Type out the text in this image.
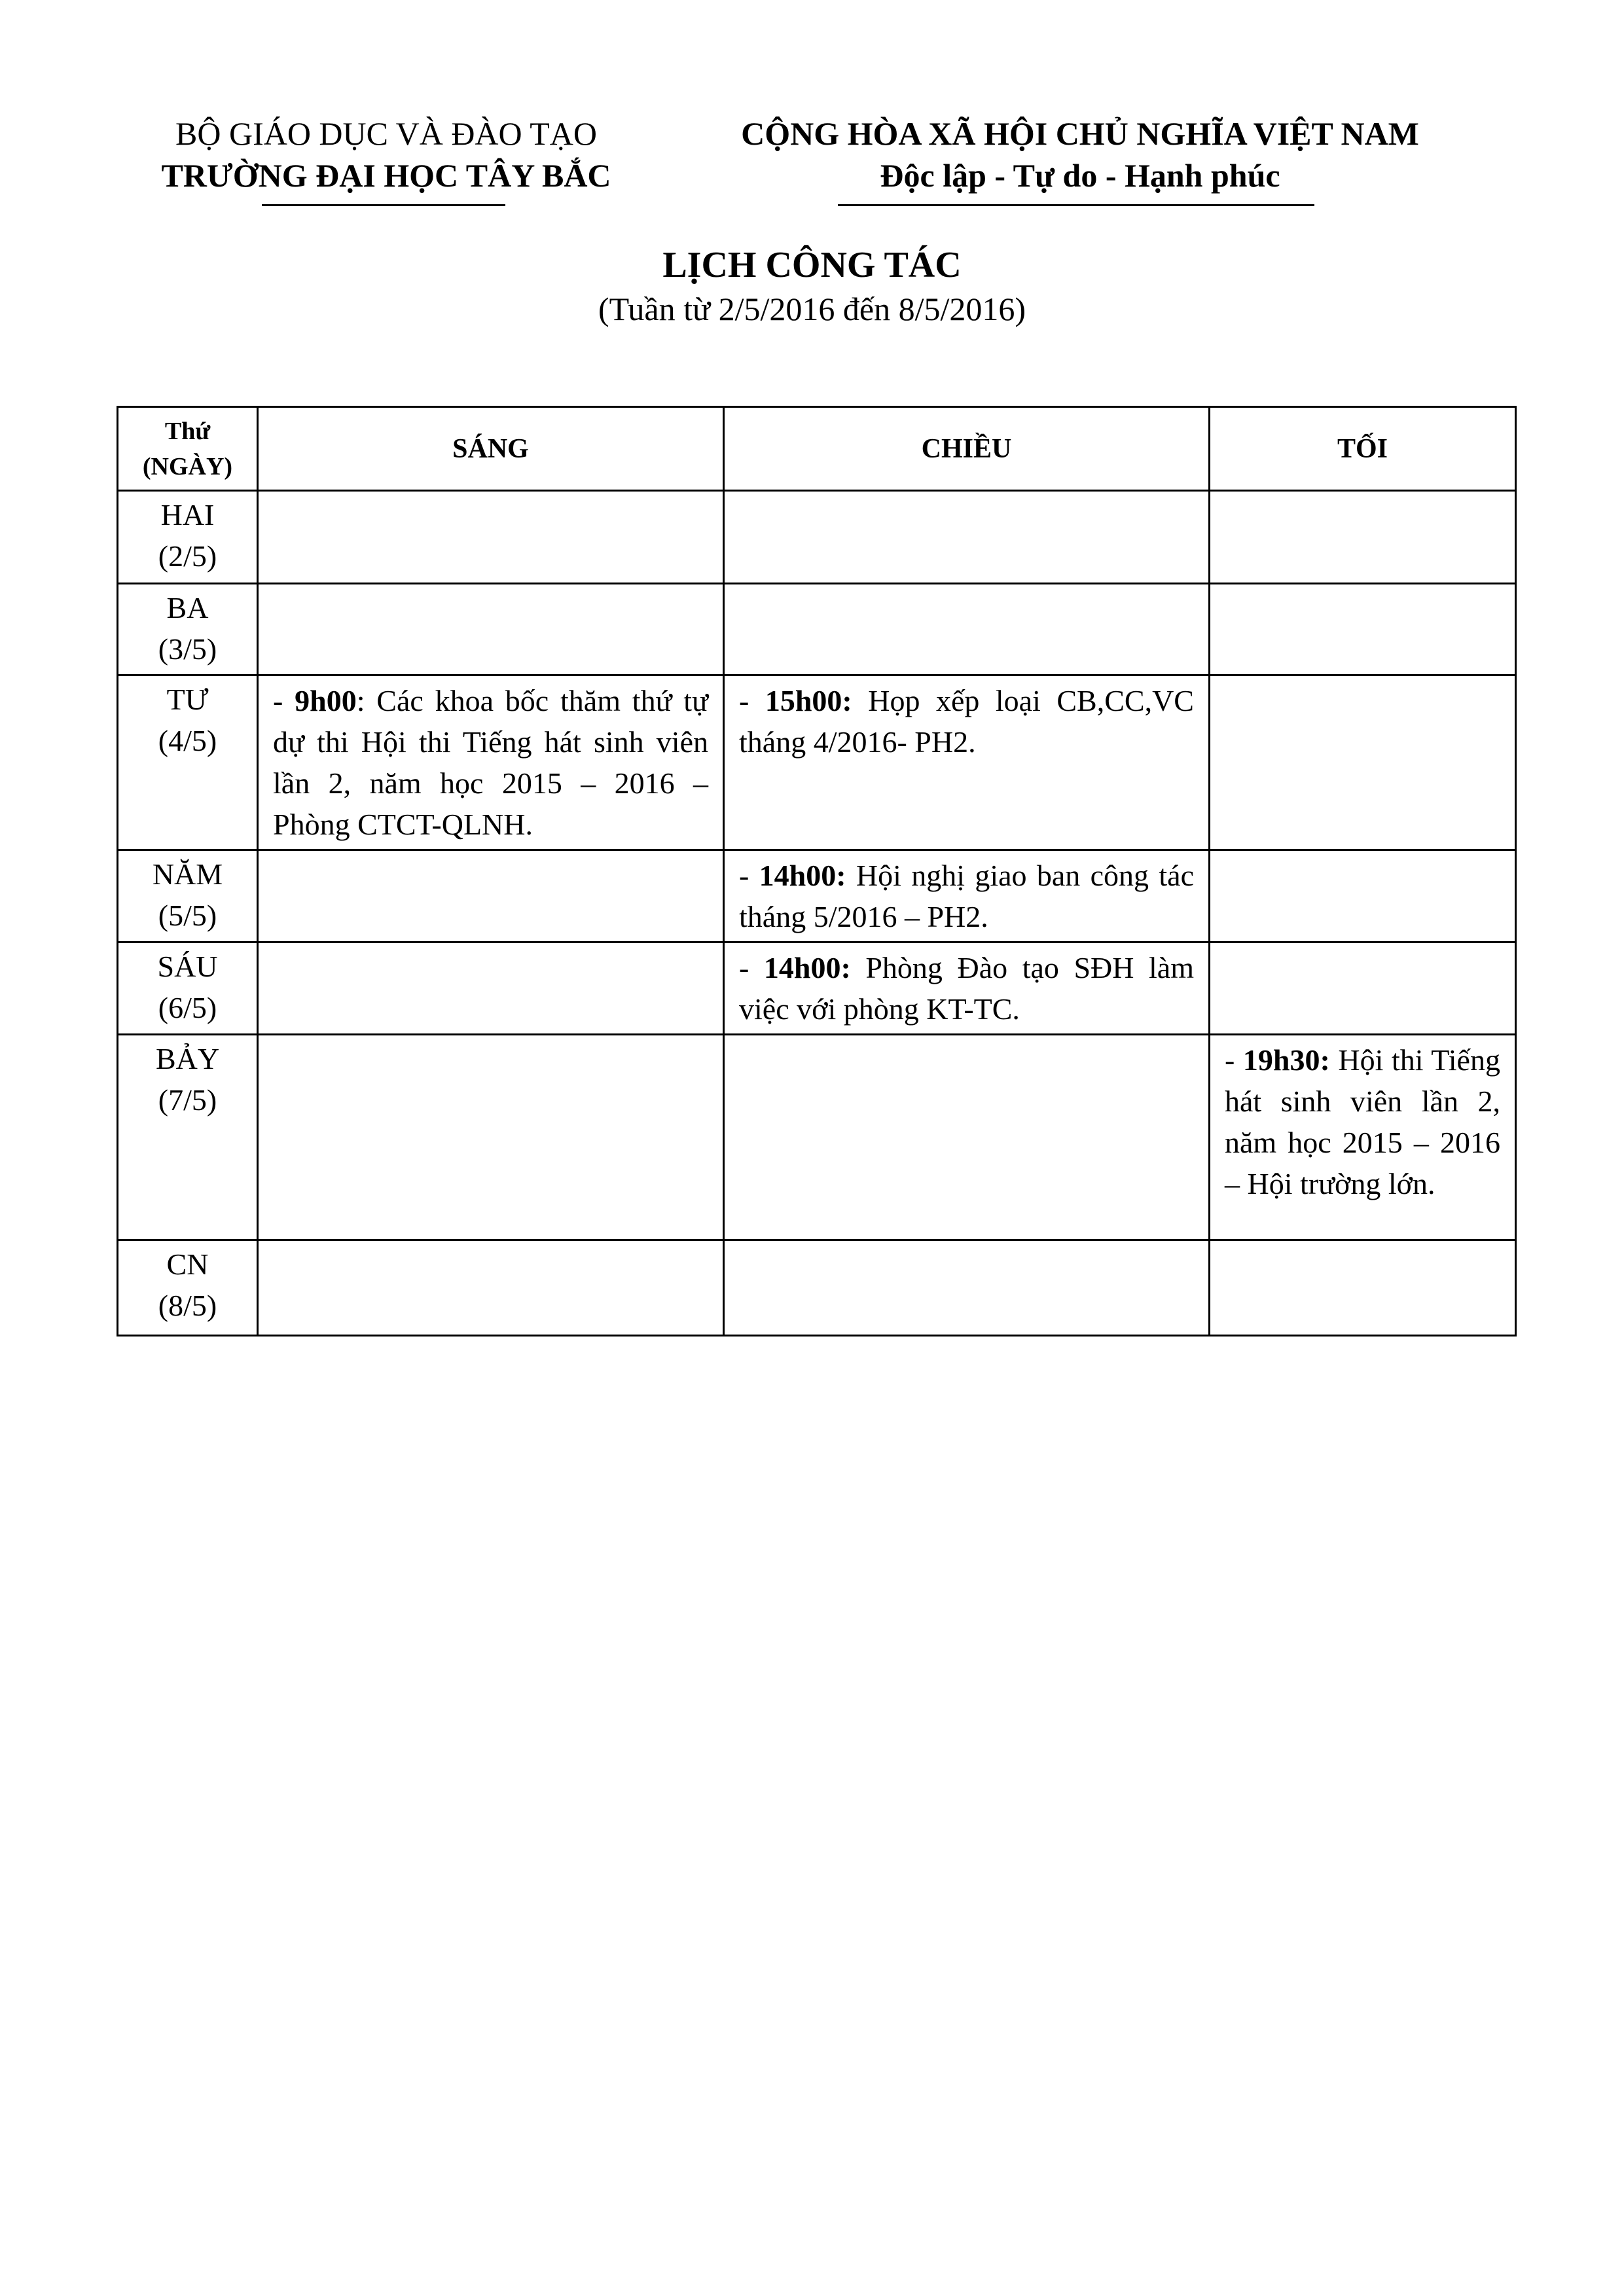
BỘ GIÁO DỤC VÀ ĐÀO TẠO
TRƯỜNG ĐẠI HỌC TÂY BẮC
CỘNG HÒA XÃ HỘI CHỦ NGHĨA VIỆT NAM
Độc lập - Tự do - Hạnh phúc
LỊCH CÔNG TÁC
(Tuần từ 2/5/2016 đến 8/5/2016)
Thứ
(NGÀY)	SÁNG	CHIỀU	TỐI

HAI
(2/5)			

BA
(3/5)			

TƯ
(4/5)	- 9h00: Các khoa bốc thăm thứ tự dự thi Hội thi Tiếng hát sinh viên lần 2, năm học 2015 – 2016 – Phòng CTCT-QLNH.	- 15h00: Họp xếp loại CB,CC,VC tháng 4/2016- PH2.	

NĂM
(5/5)		- 14h00: Hội nghị giao ban công tác tháng 5/2016 – PH2.	

SÁU
(6/5)		- 14h00: Phòng Đào tạo SĐH làm việc với phòng KT-TC.	

BẢY
(7/5)			- 19h30: Hội thi Tiếng hát sinh viên lần 2, năm học 2015 – 2016 – Hội trường lớn.

CN
(8/5)			
